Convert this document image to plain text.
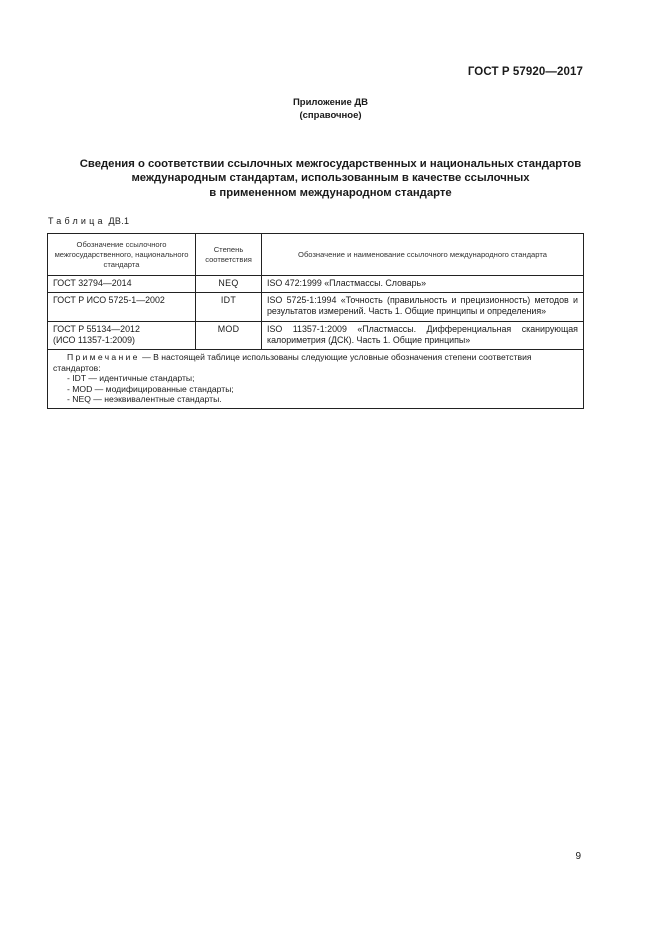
ГОСТ Р 57920—2017
Приложение ДВ
(справочное)
Сведения о соответствии ссылочных межгосударственных и национальных стандартов
международным стандартам, использованным в качестве ссылочных
в примененном международном стандарте
Таблица ДВ.1
Обозначение ссылочного межгосударственного, национального стандарта	Степень соответствия	Обозначение и наименование ссылочного международного стандарта
ГОСТ 32794—2014	NEQ	ISO 472:1999 «Пластмассы. Словарь»
ГОСТ Р ИСО 5725-1—2002	IDT	ISO 5725-1:1994 «Точность (правильность и прецизионность) методов и результатов измерений. Часть 1. Общие принципы и определения»

ГОСТ Р 55134—2012
(ИСО 11357-1:2009)	MOD	ISO 11357-1:2009 «Пластмассы. Дифференциальная сканирующая калориметрия (ДСК). Часть 1. Общие принципы»

Примечание — В настоящей таблице использованы следующие условные обозначения степени соответствия стандартов:
- IDT — идентичные стандарты;
- MOD — модифицированные стандарты;
- NEQ — неэквивалентные стандарты.		
9
